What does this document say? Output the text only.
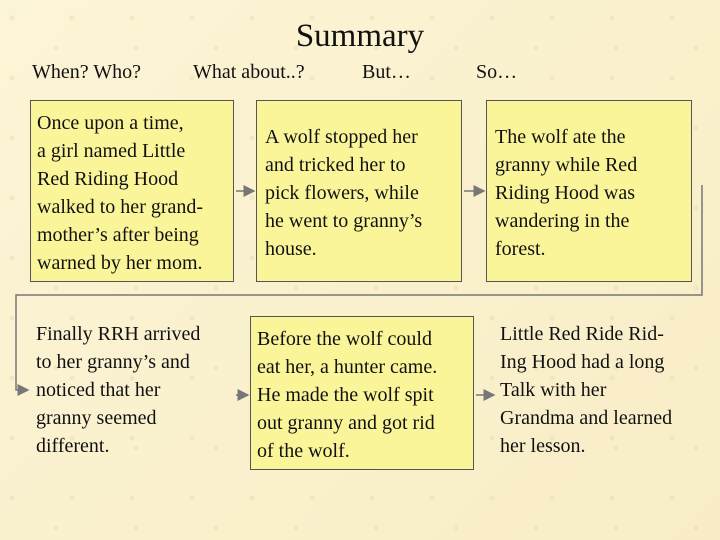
Summary
When? Who?	What about..?	But…	So…
Once upon a time,
a girl named Little
Red Riding Hood
walked to her grand-
mother’s after being
warned by her mom.
A wolf stopped her
and tricked her to
pick flowers, while
he went to granny’s
house.
The wolf ate the
granny while Red
Riding Hood was
wandering in the
forest.
Finally RRH arrived
to her granny’s and
noticed that her
granny seemed
different.
Before the wolf could
eat her, a hunter came.
He made the wolf spit
out granny and got rid
of the wolf.
Little Red Ride Rid-
Ing Hood had a long
Talk with her
Grandma and learned
her lesson.
